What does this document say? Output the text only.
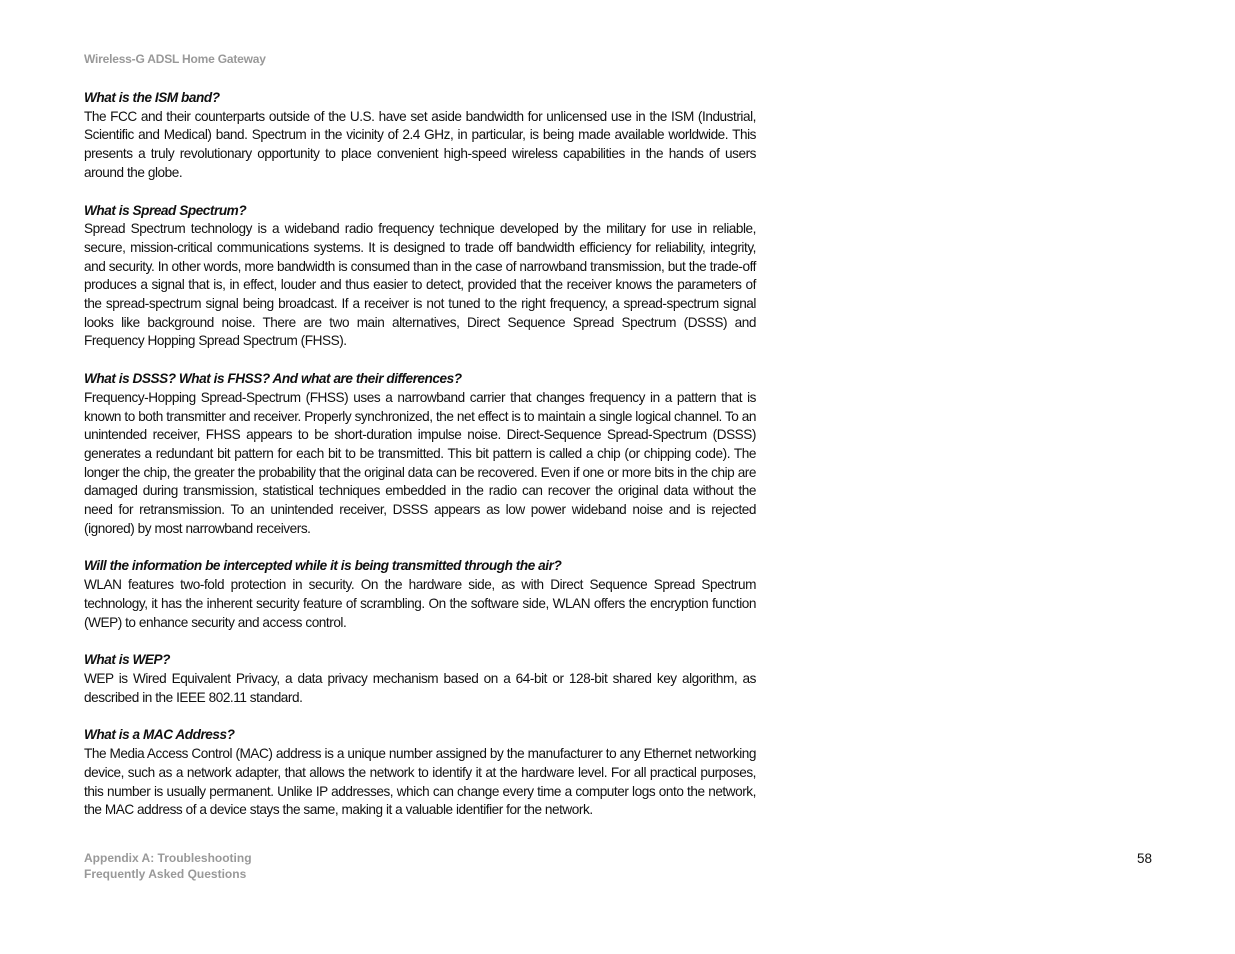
Wireless-G ADSL Home Gateway

What is the ISM band?

The FCC and their counterparts outside of the U.S. have set aside bandwidth for unlicensed use in the ISM (Industrial, Scientific and Medical) band. Spectrum in the vicinity of 2.4 GHz, in particular, is being made available worldwide. This presents a truly revolutionary opportunity to place convenient high-speed wireless capabilities in the hands of users around the globe.

What is Spread Spectrum?

Spread Spectrum technology is a wideband radio frequency technique developed by the military for use in reliable, secure, mission-critical communications systems. It is designed to trade off bandwidth efficiency for reliability, integrity, and security. In other words, more bandwidth is consumed than in the case of narrowband transmission, but the trade-off produces a signal that is, in effect, louder and thus easier to detect, provided that the receiver knows the parameters of the spread-spectrum signal being broadcast. If a receiver is not tuned to the right frequency, a spread-spectrum signal looks like background noise. There are two main alternatives, Direct Sequence Spread Spectrum (DSSS) and Frequency Hopping Spread Spectrum (FHSS).

What is DSSS? What is FHSS? And what are their differences?

Frequency-Hopping Spread-Spectrum (FHSS) uses a narrowband carrier that changes frequency in a pattern that is known to both transmitter and receiver. Properly synchronized, the net effect is to maintain a single logical channel. To an unintended receiver, FHSS appears to be short-duration impulse noise. Direct-Sequence Spread-Spectrum (DSSS) generates a redundant bit pattern for each bit to be transmitted. This bit pattern is called a chip (or chipping code). The longer the chip, the greater the probability that the original data can be recovered. Even if one or more bits in the chip are damaged during transmission, statistical techniques embedded in the radio can recover the original data without the need for retransmission. To an unintended receiver, DSSS appears as low power wideband noise and is rejected (ignored) by most narrowband receivers.

Will the information be intercepted while it is being transmitted through the air?

WLAN features two-fold protection in security. On the hardware side, as with Direct Sequence Spread Spectrum technology, it has the inherent security feature of scrambling. On the software side, WLAN offers the encryption function (WEP) to enhance security and access control.

What is WEP?

WEP is Wired Equivalent Privacy, a data privacy mechanism based on a 64-bit or 128-bit shared key algorithm, as described in the IEEE 802.11 standard.

What is a MAC Address?

The Media Access Control (MAC) address is a unique number assigned by the manufacturer to any Ethernet networking device, such as a network adapter, that allows the network to identify it at the hardware level. For all practical purposes, this number is usually permanent. Unlike IP addresses, which can change every time a computer logs onto the network, the MAC address of a device stays the same, making it a valuable identifier for the network.

Appendix A: Troubleshooting
Frequently Asked Questions
58
